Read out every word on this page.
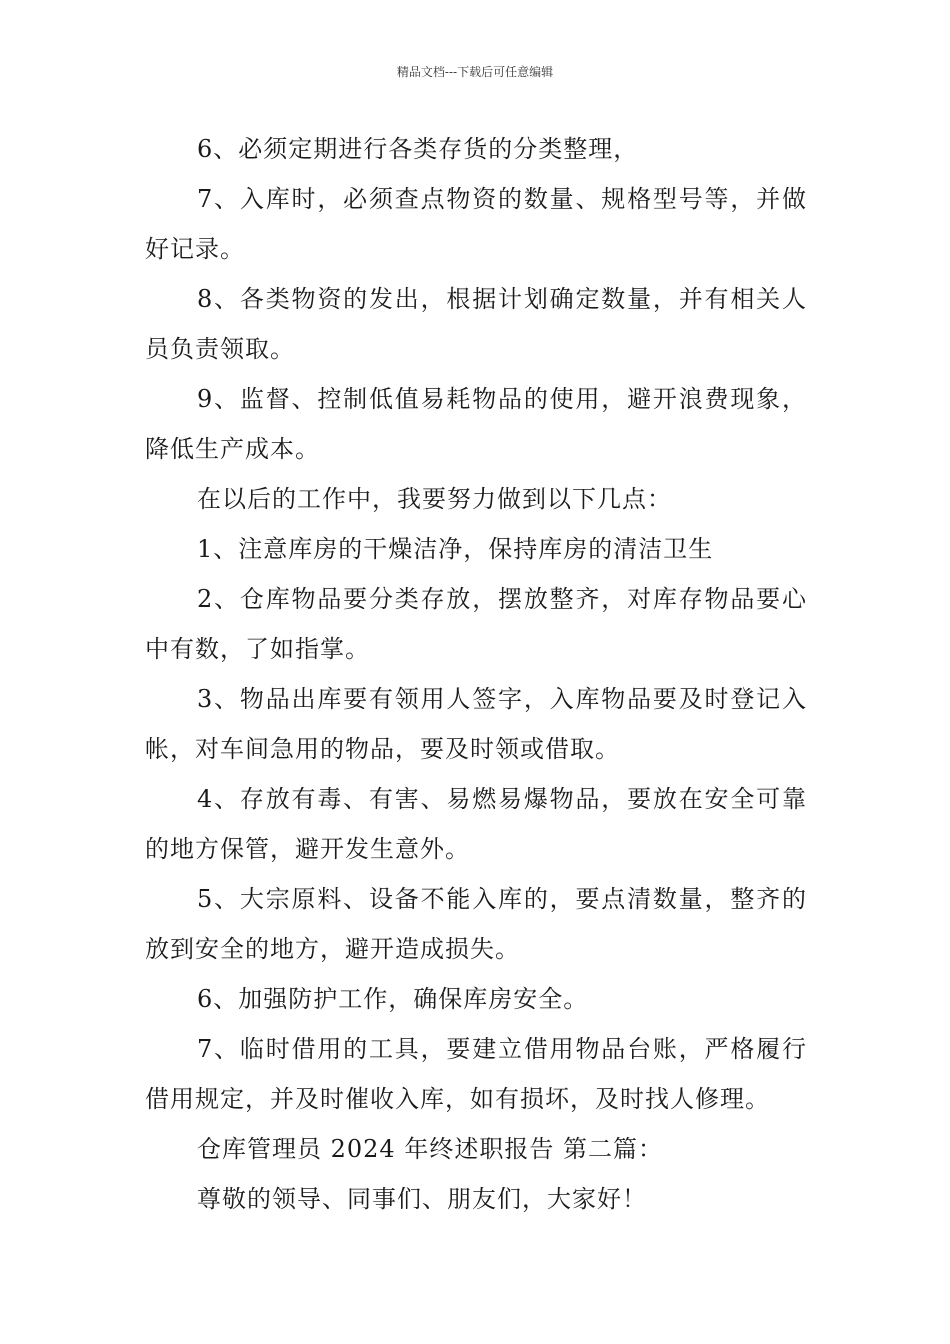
精品文档---下载后可任意编辑

6、必须定期进行各类存货的分类整理，

7、入库时，必须查点物资的数量、规格型号等，并做好记录。

8、各类物资的发出，根据计划确定数量，并有相关人员负责领取。

9、监督、控制低值易耗物品的使用，避开浪费现象，降低生产成本。

在以后的工作中，我要努力做到以下几点：

1、注意库房的干燥洁净，保持库房的清洁卫生

2、仓库物品要分类存放，摆放整齐，对库存物品要心中有数，了如指掌。

3、物品出库要有领用人签字，入库物品要及时登记入帐，对车间急用的物品，要及时领或借取。

4、存放有毒、有害、易燃易爆物品，要放在安全可靠的地方保管，避开发生意外。

5、大宗原料、设备不能入库的，要点清数量，整齐的放到安全的地方，避开造成损失。

6、加强防护工作，确保库房安全。

7、临时借用的工具，要建立借用物品台账，严格履行借用规定，并及时催收入库，如有损坏，及时找人修理。

仓库管理员 2024 年终述职报告 第二篇：

尊敬的领导、同事们、朋友们，大家好！
